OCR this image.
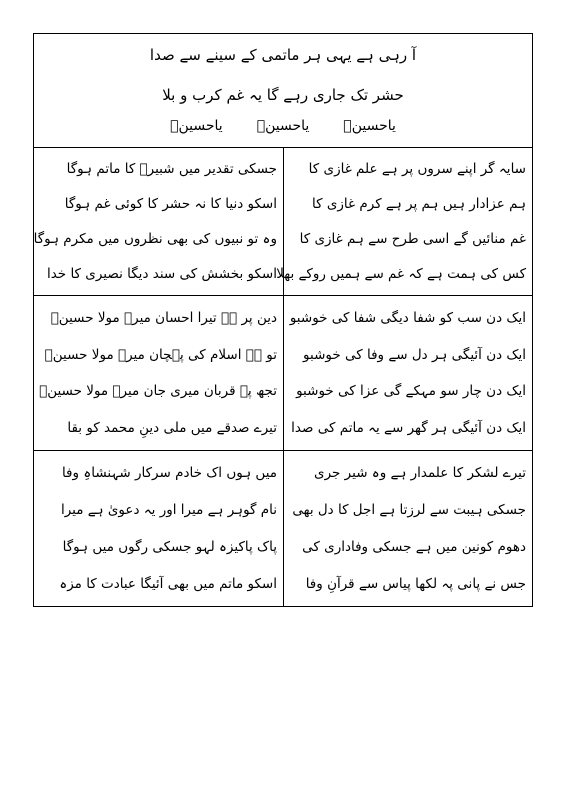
آ رہی ہے یہی ہر ماتمی کے سینے سے صدا
حشر تک جاری رہے گا یہ غم کرب و بلا
یاحسینؑ
یاحسینؑ
یاحسینؑ
سایہ گر اپنے سروں پر ہے علم غازی کا
ہم عزادار ہیں ہم پر ہے کرم غازی کا
غم منائیں گے اسی طرح سے ہم غازی کا
کس کی ہمت ہے کہ غم سے ہمیں روکے بھلا
جسکی تقدیر میں شبیرؑ کا ماتم ہوگا
اسکو دنیا کا نہ حشر کا کوئی غم ہوگا
وہ تو نبیوں کی بھی نظروں میں مکرم ہوگا
اسکو بخشش کی سند دیگا نصیری کا خدا
ایک دن سب کو شفا دیگی شفا کی خوشبو
ایک دن آئیگی ہر دل سے وفا کی خوشبو
ایک دن چار سو مہکے گی عزا کی خوشبو
ایک دن آئیگی ہر گھر سے یہ ماتم کی صدا
دین پر ہے تیرا احسان میرے مولا حسینؑ
تو ہے اسلام کی پہچان میرے مولا حسینؑ
تجھ پہ قربان میری جان میرے مولا حسینؑ
تیرے صدقے میں ملی دینِ محمد کو بقا
تیرے لشکر کا علمدار ہے وہ شیر جری
جسکی ہیبت سے لرزتا ہے اجل کا دل بھی
دھوم کونین میں ہے جسکی وفاداری کی
جس نے پانی پہ لکھا پیاس سے قرآنِ وفا
میں ہوں اک خادم سرکار شہنشاہِ وفا
نام گوہر ہے میرا اور یہ دعویٰ ہے میرا
پاک پاکیزہ لہو جسکی رگوں میں ہوگا
اسکو ماتم میں بھی آئیگا عبادت کا مزہ
